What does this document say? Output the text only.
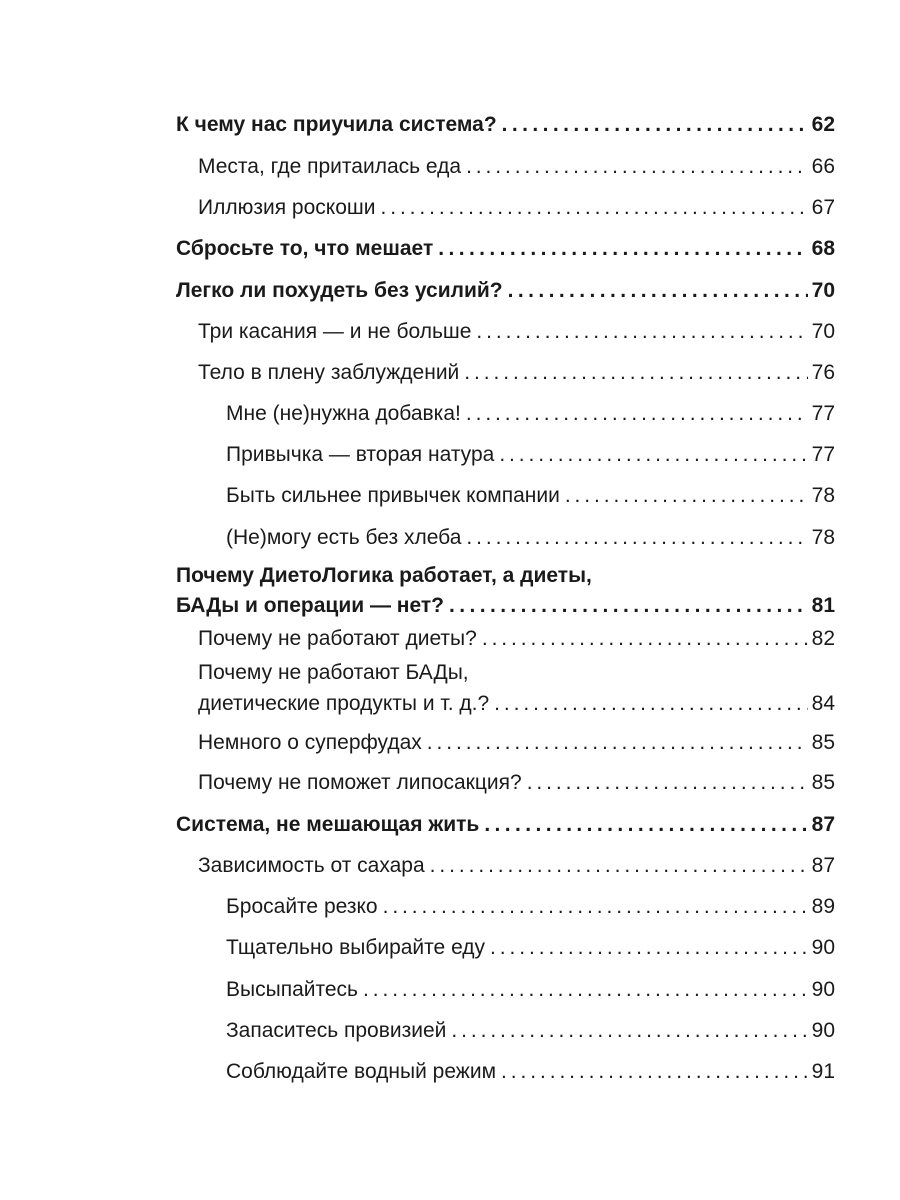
К чему нас приучила система? .....	62
Места, где притаилась еда .....	66
Иллюзия роскоши .....	67
Сбросьте то, что мешает .....	68
Легко ли похудеть без усилий? .....	70
Три касания — и не больше .....	70
Тело в плену заблуждений .....	76
Мне (не)нужна добавка! .....	77
Привычка — вторая натура .....	77
Быть сильнее привычек компании .....	78
(Не)могу есть без хлеба .....	78
Почему ДиетоЛогика работает, а диеты,
БАДы и операции — нет? .....	81
Почему не работают диеты? .....	82
Почему не работают БАДы,
диетические продукты и т. д.? .....	84
Немного о суперфудах .....	85
Почему не поможет липосакция? .....	85
Система, не мешающая жить .....	87
Зависимость от сахара .....	87
Бросайте резко .....	89
Тщательно выбирайте еду .....	90
Высыпайтесь .....	90
Запаситесь провизией .....	90
Соблюдайте водный режим .....	91
